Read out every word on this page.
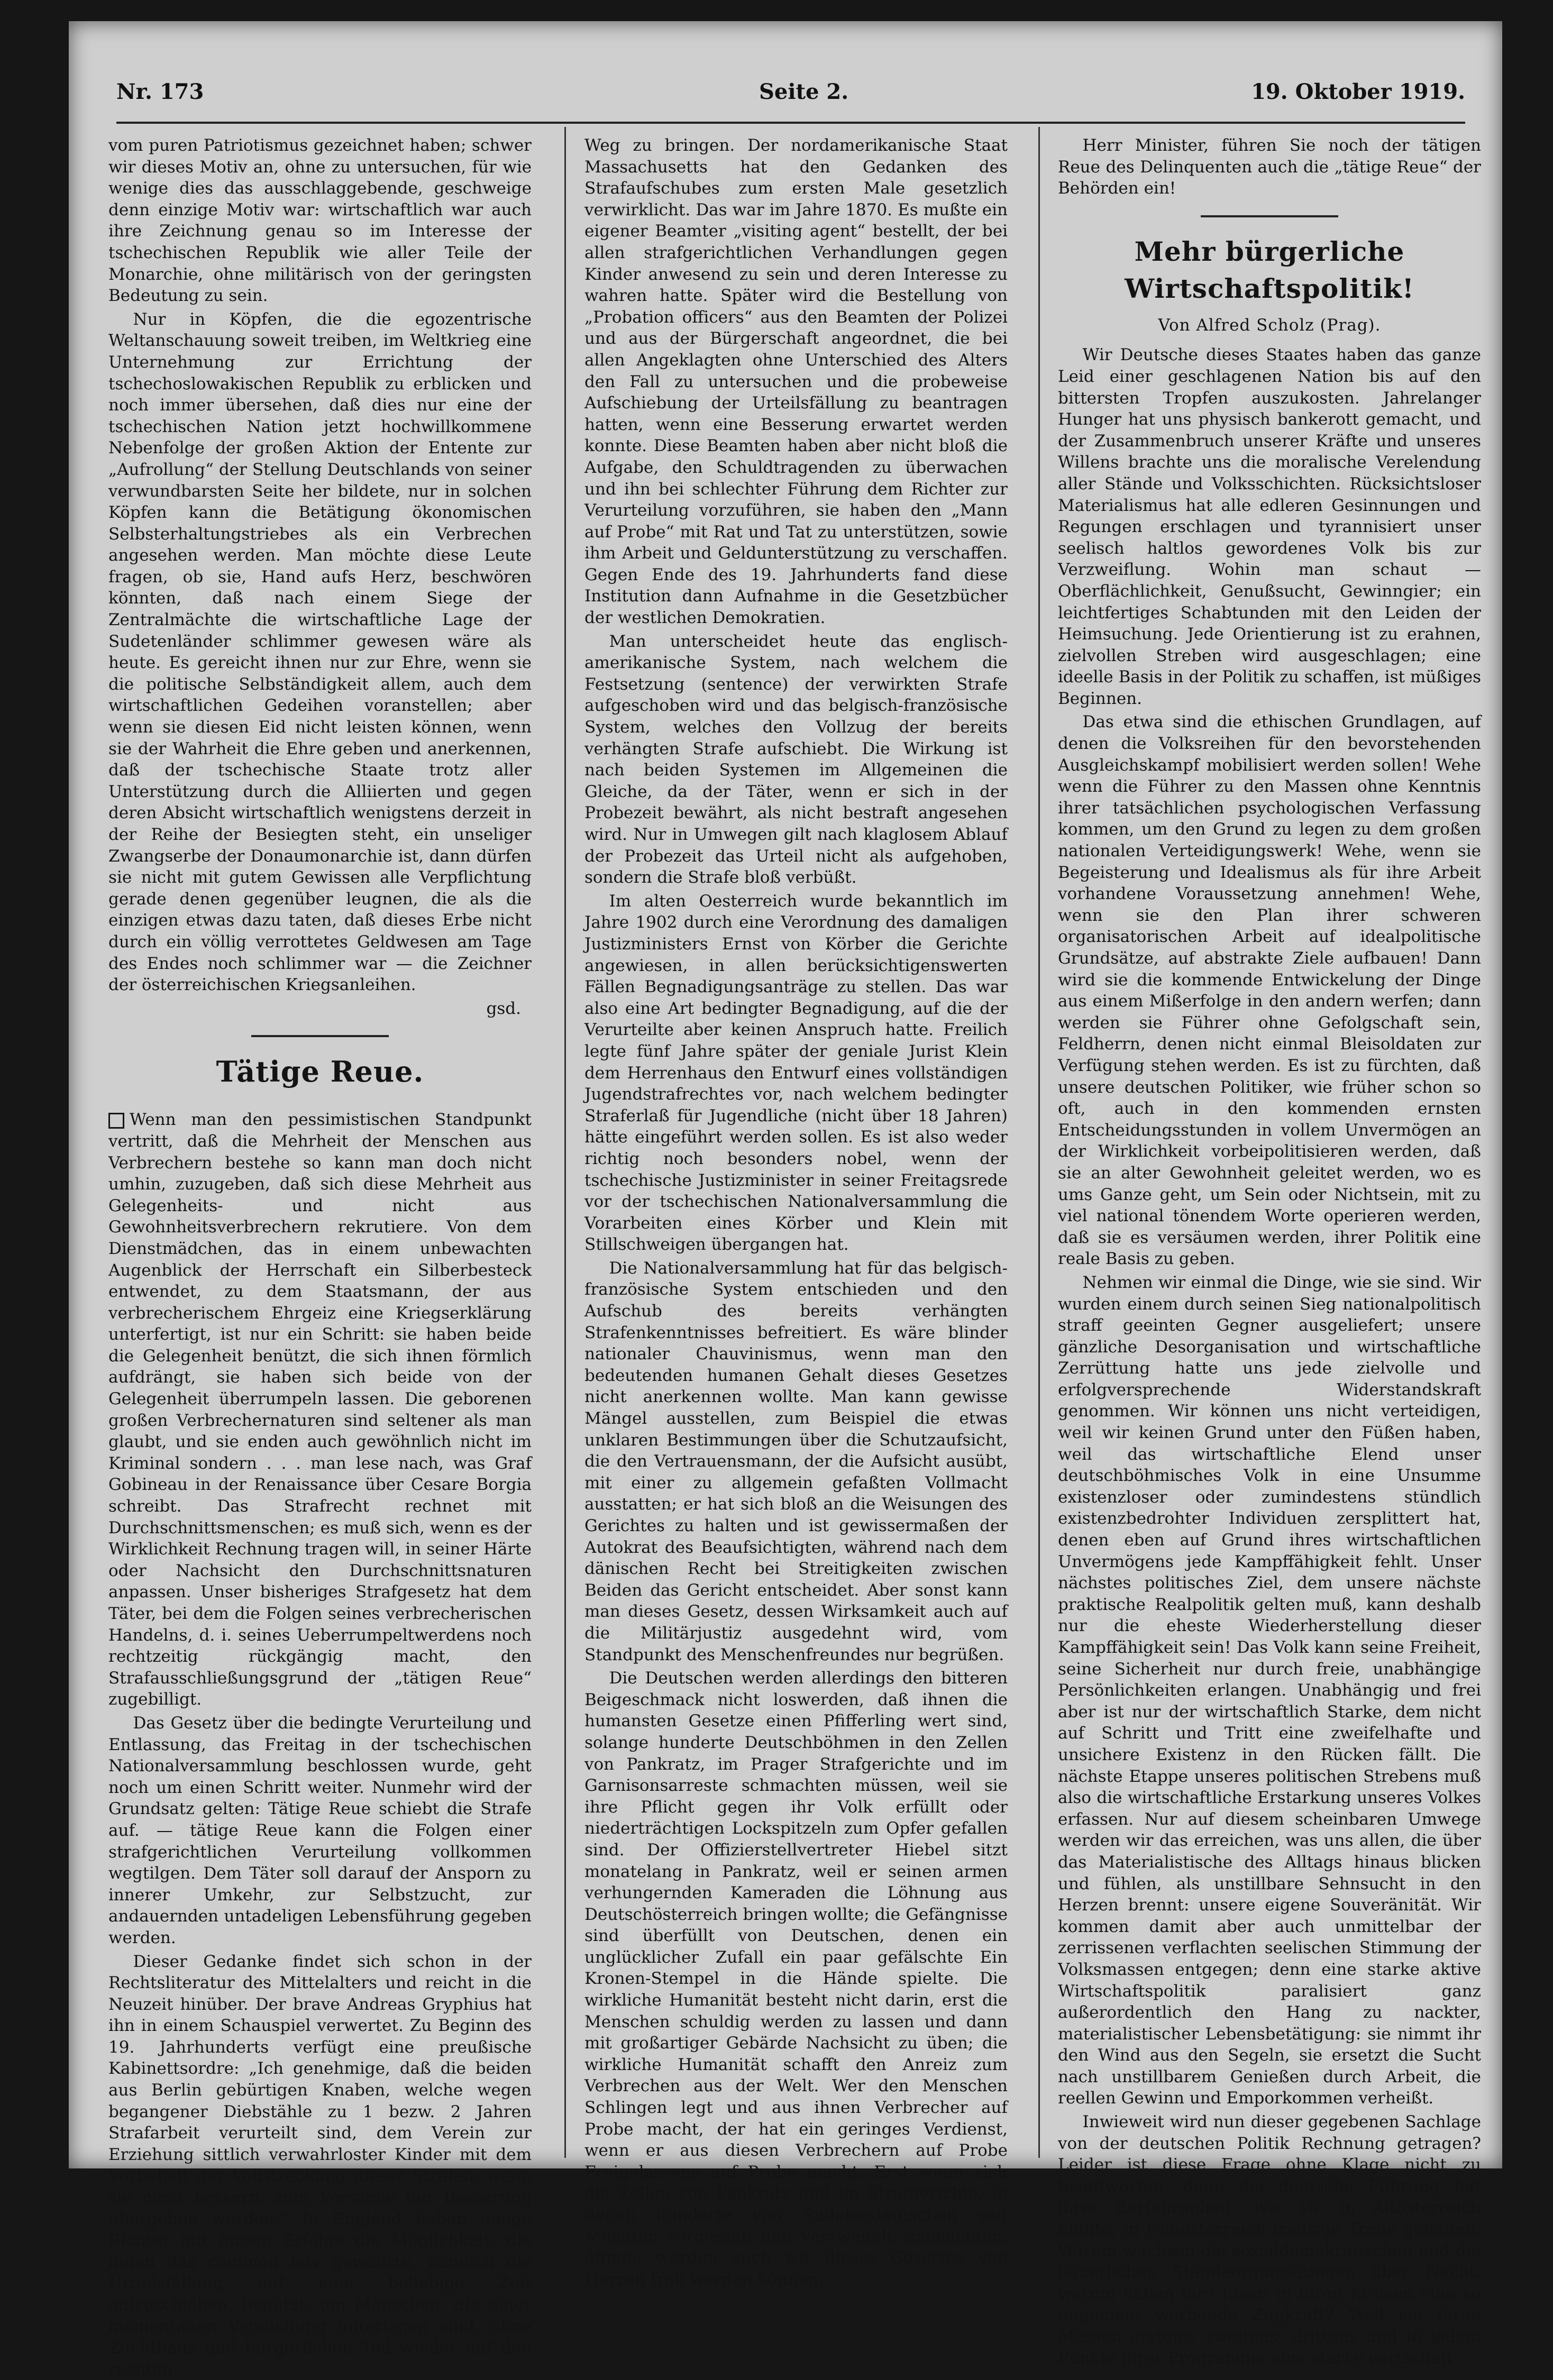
Nr. 173	Seite 2.	19. Oktober 1919.

vom puren Patriotismus gezeichnet haben; schwer wir dieses Motiv an, ohne zu untersuchen, für wie wenige dies das ausschlaggebende, geschweige denn einzige Motiv war: wirtschaftlich war auch ihre Zeichnung genau so im Interesse der tschechischen Republik wie aller Teile der Monarchie, ohne militärisch von der geringsten Bedeutung zu sein.

Nur in Köpfen, die die egozentrische Weltanschauung soweit treiben, im Weltkrieg eine Unternehmung zur Errichtung der tschechoslowakischen Republik zu erblicken und noch immer übersehen, daß dies nur eine der tschechischen Nation jetzt hochwillkommene Nebenfolge der großen Aktion der Entente zur „Aufrollung“ der Stellung Deutschlands von seiner verwundbarsten Seite her bildete, nur in solchen Köpfen kann die Betätigung ökonomischen Selbsterhaltungstriebes als ein Verbrechen angesehen werden. Man möchte diese Leute fragen, ob sie, Hand aufs Herz, beschwören könnten, daß nach einem Siege der Zentralmächte die wirtschaftliche Lage der Sudetenländer schlimmer gewesen wäre als heute. Es gereicht ihnen nur zur Ehre, wenn sie die politische Selbständigkeit allem, auch dem wirtschaftlichen Gedeihen voranstellen; aber wenn sie diesen Eid nicht leisten können, wenn sie der Wahrheit die Ehre geben und anerkennen, daß der tschechische Staate trotz aller Unterstützung durch die Alliierten und gegen deren Absicht wirtschaftlich wenigstens derzeit in der Reihe der Besiegten steht, ein unseliger Zwangserbe der Donaumonarchie ist, dann dürfen sie nicht mit gutem Gewissen alle Verpflichtung gerade denen gegenüber leugnen, die als die einzigen etwas dazu taten, daß dieses Erbe nicht durch ein völlig verrottetes Geldwesen am Tage des Endes noch schlimmer war — die Zeichner der österreichischen Kriegsanleihen.

gsd.
Tätige Reue.

Wenn man den pessimistischen Standpunkt vertritt, daß die Mehrheit der Menschen aus Verbrechern bestehe so kann man doch nicht umhin, zuzugeben, daß sich diese Mehrheit aus Gelegenheits- und nicht aus Gewohnheitsverbrechern rekrutiere. Von dem Dienstmädchen, das in einem unbewachten Augenblick der Herrschaft ein Silberbesteck entwendet, zu dem Staatsmann, der aus verbrecherischem Ehrgeiz eine Kriegserklärung unterfertigt, ist nur ein Schritt: sie haben beide die Gelegenheit benützt, die sich ihnen förmlich aufdrängt, sie haben sich beide von der Gelegenheit überrumpeln lassen. Die geborenen großen Verbrechernaturen sind seltener als man glaubt, und sie enden auch gewöhnlich nicht im Kriminal sondern . . . man lese nach, was Graf Gobineau in der Renaissance über Cesare Borgia schreibt. Das Strafrecht rechnet mit Durchschnittsmenschen; es muß sich, wenn es der Wirklichkeit Rechnung tragen will, in seiner Härte oder Nachsicht den Durchschnittsnaturen anpassen. Unser bisheriges Strafgesetz hat dem Täter, bei dem die Folgen seines verbrecherischen Handelns, d. i. seines Ueberrumpeltwerdens noch rechtzeitig rückgängig macht, den Strafausschließungsgrund der „tätigen Reue“ zugebilligt.

Das Gesetz über die bedingte Verurteilung und Entlassung, das Freitag in der tschechischen Nationalversammlung beschlossen wurde, geht noch um einen Schritt weiter. Nunmehr wird der Grundsatz gelten: Tätige Reue schiebt die Strafe auf. — tätige Reue kann die Folgen einer strafgerichtlichen Verurteilung vollkommen wegtilgen. Dem Täter soll darauf der Ansporn zu innerer Umkehr, zur Selbstzucht, zur andauernden untadeligen Lebensführung gegeben werden.

Dieser Gedanke findet sich schon in der Rechtsliteratur des Mittelalters und reicht in die Neuzeit hinüber. Der brave Andreas Gryphius hat ihn in einem Schauspiel verwertet. Zu Beginn des 19. Jahrhunderts verfügt eine preußische Kabinettsordre: „Ich genehmige, daß die beiden aus Berlin gebürtigen Knaben, welche wegen begangener Diebstähle zu 1 bezw. 2 Jahren Strafarbeit verurteilt sind, dem Verein zur Erziehung sittlich verwahrloster Kinder mit dem Vorbehalt der Vollstreckung dieser Strafen, wenn sie nicht bessern, zum Versuche der Besserung übergeben werden.“ In England haben einige Richter mit gutem Erfolge die Möglichkeit, die ihnen das common law gewährte, nämlich die Urteilsfällung auf eine beliebige Zeit aufzuschieben, benützt, um Menschen, die einer momentanen Versuchung unterlegen sind, ohne Zuchthaus und bürgerlichen Tod wieder auf den rechten

Weg zu bringen. Der nordamerikanische Staat Massachusetts hat den Gedanken des Strafaufschubes zum ersten Male gesetzlich verwirklicht. Das war im Jahre 1870. Es mußte ein eigener Beamter „visiting agent“ bestellt, der bei allen strafgerichtlichen Verhandlungen gegen Kinder anwesend zu sein und deren Interesse zu wahren hatte. Später wird die Bestellung von „Probation officers“ aus den Beamten der Polizei und aus der Bürgerschaft angeordnet, die bei allen Angeklagten ohne Unterschied des Alters den Fall zu untersuchen und die probeweise Aufschiebung der Urteilsfällung zu beantragen hatten, wenn eine Besserung erwartet werden konnte. Diese Beamten haben aber nicht bloß die Aufgabe, den Schuldtragenden zu überwachen und ihn bei schlechter Führung dem Richter zur Verurteilung vorzuführen, sie haben den „Mann auf Probe“ mit Rat und Tat zu unterstützen, sowie ihm Arbeit und Geldunterstützung zu verschaffen. Gegen Ende des 19. Jahrhunderts fand diese Institution dann Aufnahme in die Gesetzbücher der westlichen Demokratien.

Man unterscheidet heute das englisch-amerikanische System, nach welchem die Festsetzung (sentence) der verwirkten Strafe aufgeschoben wird und das belgisch-französische System, welches den Vollzug der bereits verhängten Strafe aufschiebt. Die Wirkung ist nach beiden Systemen im Allgemeinen die Gleiche, da der Täter, wenn er sich in der Probezeit bewährt, als nicht bestraft angesehen wird. Nur in Umwegen gilt nach klaglosem Ablauf der Probezeit das Urteil nicht als aufgehoben, sondern die Strafe bloß verbüßt.

Im alten Oesterreich wurde bekanntlich im Jahre 1902 durch eine Verordnung des damaligen Justizministers Ernst von Körber die Gerichte angewiesen, in allen berücksichtigenswerten Fällen Begnadigungsanträge zu stellen. Das war also eine Art bedingter Begnadigung, auf die der Verurteilte aber keinen Anspruch hatte. Freilich legte fünf Jahre später der geniale Jurist Klein dem Herrenhaus den Entwurf eines vollständigen Jugendstrafrechtes vor, nach welchem bedingter Straferlaß für Jugendliche (nicht über 18 Jahren) hätte eingeführt werden sollen. Es ist also weder richtig noch besonders nobel, wenn der tschechische Justizminister in seiner Freitagsrede vor der tschechischen Nationalversammlung die Vorarbeiten eines Körber und Klein mit Stillschweigen übergangen hat.

Die Nationalversammlung hat für das belgisch-französische System entschieden und den Aufschub des bereits verhängten Strafenkenntnisses befreitiert. Es wäre blinder nationaler Chauvinismus, wenn man den bedeutenden humanen Gehalt dieses Gesetzes nicht anerkennen wollte. Man kann gewisse Mängel ausstellen, zum Beispiel die etwas unklaren Bestimmungen über die Schutzaufsicht, die den Vertrauensmann, der die Aufsicht ausübt, mit einer zu allgemein gefaßten Vollmacht ausstatten; er hat sich bloß an die Weisungen des Gerichtes zu halten und ist gewissermaßen der Autokrat des Beaufsichtigten, während nach dem dänischen Recht bei Streitigkeiten zwischen Beiden das Gericht entscheidet. Aber sonst kann man dieses Gesetz, dessen Wirksamkeit auch auf die Militärjustiz ausgedehnt wird, vom Standpunkt des Menschenfreundes nur begrüßen.

Die Deutschen werden allerdings den bitteren Beigeschmack nicht loswerden, daß ihnen die humansten Gesetze einen Pfifferling wert sind, solange hunderte Deutschböhmen in den Zellen von Pankratz, im Prager Strafgerichte und im Garnisonsarreste schmachten müssen, weil sie ihre Pflicht gegen ihr Volk erfüllt oder niederträchtigen Lockspitzeln zum Opfer gefallen sind. Der Offizierstellvertreter Hiebel sitzt monatelang in Pankratz, weil er seinen armen verhungernden Kameraden die Löhnung aus Deutschösterreich bringen wollte; die Gefängnisse sind überfüllt von Deutschen, denen ein unglücklicher Zufall ein paar gefälschte Ein Kronen-Stempel in die Hände spielte. Die wirkliche Humanität besteht nicht darin, erst die Menschen schuldig werden zu lassen und dann mit großartiger Gebärde Nachsicht zu üben; die wirkliche Humanität schafft den Anreiz zum Verbrechen aus der Welt. Wer den Menschen Schlingen legt und aus ihnen Verbrecher auf Probe macht, der hat ein geringes Verdienst, wenn er aus diesen Verbrechern auf Probe Freigelassene auf Probe macht. Erst wenn sich die Zellen von Pankratz und im Strafgerichte, in denen hunderte von Sudetendeutschen seit Monaten vergessen und verzweifelt schmachten, öffnen, werden auch wir dieses Gesetzes von Herzen froh werden können.

Herr Minister, führen Sie noch der tätigen Reue des Delinquenten auch die „tätige Reue“ der Behörden ein!

Mehr bürgerliche Wirtschaftspolitik!
Von Alfred Scholz (Prag).

Wir Deutsche dieses Staates haben das ganze Leid einer geschlagenen Nation bis auf den bittersten Tropfen auszukosten. Jahrelanger Hunger hat uns physisch bankerott gemacht, und der Zusammenbruch unserer Kräfte und unseres Willens brachte uns die moralische Verelendung aller Stände und Volksschichten. Rücksichtsloser Materialismus hat alle edleren Gesinnungen und Regungen erschlagen und tyrannisiert unser seelisch haltlos gewordenes Volk bis zur Verzweiflung. Wohin man schaut — Oberflächlichkeit, Genußsucht, Gewinngier; ein leichtfertiges Schabtunden mit den Leiden der Heimsuchung. Jede Orientierung ist zu erahnen, zielvollen Streben wird ausgeschlagen; eine ideelle Basis in der Politik zu schaffen, ist müßiges Beginnen.

Das etwa sind die ethischen Grundlagen, auf denen die Volksreihen für den bevorstehenden Ausgleichskampf mobilisiert werden sollen! Wehe wenn die Führer zu den Massen ohne Kenntnis ihrer tatsächlichen psychologischen Verfassung kommen, um den Grund zu legen zu dem großen nationalen Verteidigungswerk! Wehe, wenn sie Begeisterung und Idealismus als für ihre Arbeit vorhandene Voraussetzung annehmen! Wehe, wenn sie den Plan ihrer schweren organisatorischen Arbeit auf idealpolitische Grundsätze, auf abstrakte Ziele aufbauen! Dann wird sie die kommende Entwickelung der Dinge aus einem Mißerfolge in den andern werfen; dann werden sie Führer ohne Gefolgschaft sein, Feldherrn, denen nicht einmal Bleisoldaten zur Verfügung stehen werden. Es ist zu fürchten, daß unsere deutschen Politiker, wie früher schon so oft, auch in den kommenden ernsten Entscheidungsstunden in vollem Unvermögen an der Wirklichkeit vorbeipolitisieren werden, daß sie an alter Gewohnheit geleitet werden, wo es ums Ganze geht, um Sein oder Nichtsein, mit zu viel national tönendem Worte operieren werden, daß sie es versäumen werden, ihrer Politik eine reale Basis zu geben.

Nehmen wir einmal die Dinge, wie sie sind. Wir wurden einem durch seinen Sieg nationalpolitisch straff geeinten Gegner ausgeliefert; unsere gänzliche Desorganisation und wirtschaftliche Zerrüttung hatte uns jede zielvolle und erfolgversprechende Widerstandskraft genommen. Wir können uns nicht verteidigen, weil wir keinen Grund unter den Füßen haben, weil das wirtschaftliche Elend unser deutschböhmisches Volk in eine Unsumme existenzloser oder zumindestens stündlich existenzbedrohter Individuen zersplittert hat, denen eben auf Grund ihres wirtschaftlichen Unvermögens jede Kampffähigkeit fehlt. Unser nächstes politisches Ziel, dem unsere nächste praktische Realpolitik gelten muß, kann deshalb nur die eheste Wiederherstellung dieser Kampffähigkeit sein! Das Volk kann seine Freiheit, seine Sicherheit nur durch freie, unabhängige Persönlichkeiten erlangen. Unabhängig und frei aber ist nur der wirtschaftlich Starke, dem nicht auf Schritt und Tritt eine zweifelhafte und unsichere Existenz in den Rücken fällt. Die nächste Etappe unseres politischen Strebens muß also die wirtschaftliche Erstarkung unseres Volkes erfassen. Nur auf diesem scheinbaren Umwege werden wir das erreichen, was uns allen, die über das Materialistische des Alltags hinaus blicken und fühlen, als unstillbare Sehnsucht in den Herzen brennt: unsere eigene Souveränität. Wir kommen damit aber auch unmittelbar der zerrissenen verflachten seelischen Stimmung der Volksmassen entgegen; denn eine starke aktive Wirtschaftspolitik paralisiert ganz außerordentlich den Hang zu nackter, materialistischer Lebensbetätigung: sie nimmt ihr den Wind aus den Segeln, sie ersetzt die Sucht nach unstillbarem Genießen durch Arbeit, die reellen Gewinn und Emporkommen verheißt.

Inwieweit wird nun dieser gegebenen Sachlage von der deutschen Politik Rechnung getragen? Leider ist diese Frage ohne Klage nicht zu beantworten, denn die deutsche Führung hat ihrer Zerfahrenheit, wie sie in Altösterreich blühte, in Neuösterreich traurige Treue gehalten. Warum wachsen die sozialdemokratischen und die bäuerlichen Ständeorganisationen über Nacht, warum haben ihre Ideen in ihren Kreisen eine so ungemein werbende Zugkraft? Weil sie ihren Massen erstens, zweitens, drittens und in jedem Punkte ihrer Programme eine starke wirtschaft-
